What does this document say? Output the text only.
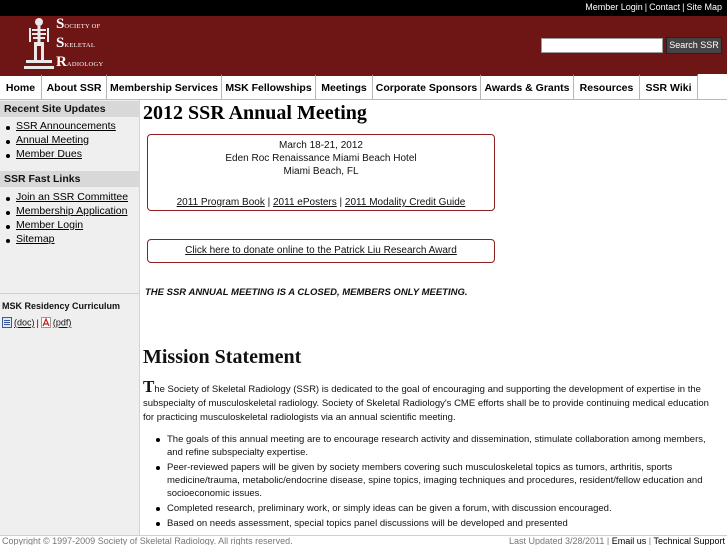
Member Login | Contact | Site Map
SOCIETY OF
SKELETAL
RADIOLOGY
Search SSR
Home	About SSR Membership Services MSK Fellowships Meetings Corporate Sponsors Awards & Grants Resources	SSR Wiki
Recent Site Updates
SSR Announcements
Annual Meeting
Member Dues
SSR Fast Links
Join an SSR Committee
Membership Application
Member Login
Sitemap
MSK Residency Curriculum
(doc) | (pdf)
2012 SSR Annual Meeting
March 18-21, 2012
Eden Roc Renaissance Miami Beach Hotel
Miami Beach, FL
2011 Program Book | 2011 ePosters | 2011 Modality Credit Guide
Click here to donate online to the Patrick Liu Research Award
THE SSR ANNUAL MEETING IS A CLOSED, MEMBERS ONLY MEETING.
Mission Statement
The Society of Skeletal Radiology (SSR) is dedicated to the goal of encouraging and supporting the development of expertise in the subspecialty of musculoskeletal radiology. Society of Skeletal Radiology's CME efforts shall be to provide continuing medical education for practicing musculoskeletal radiologists via an annual scientific meeting.
The goals of this annual meeting are to encourage research activity and dissemination, stimulate collaboration among members, and refine subspecialty expertise.
Peer-reviewed papers will be given by society members covering such musculoskeletal topics as tumors, arthritis, sports medicine/trauma, metabolic/endocrine disease, spine topics, imaging techniques and procedures, resident/fellow education and socioeconomic issues.
Completed research, preliminary work, or simply ideas can be given a forum, with discussion encouraged.
Based on needs assessment, special topics panel discussions will be developed and presented
Copyright © 1997-2009 Society of Skeletal Radiology. All rights reserved.	Last Updated 3/28/2011 | Email us | Technical Support
